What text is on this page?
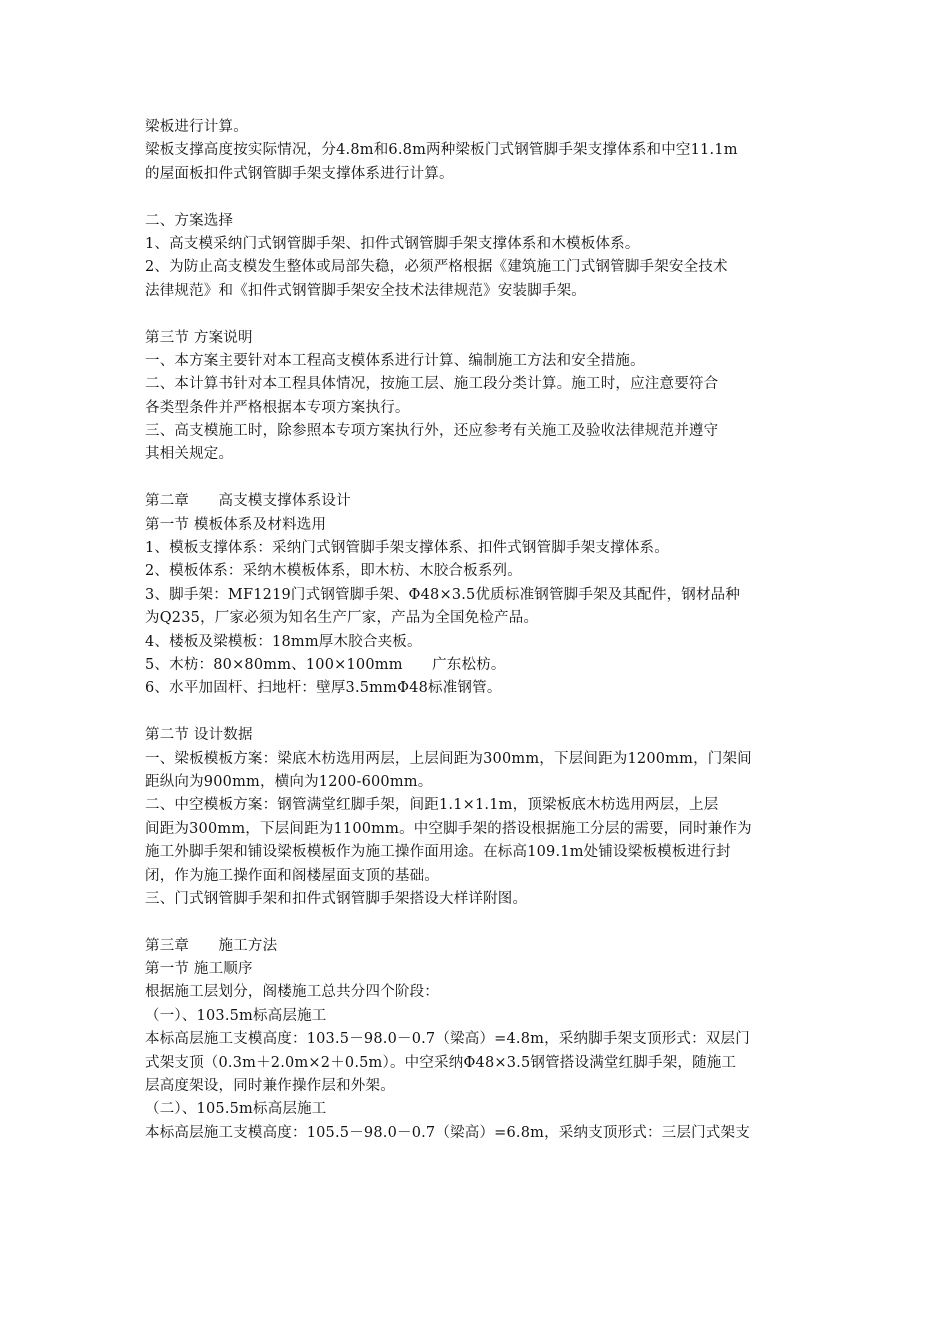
梁板进行计算。
梁板支撑高度按实际情况，分4.8m和6.8m两种梁板门式钢管脚手架支撑体系和中空11.1m
的屋面板扣件式钢管脚手架支撑体系进行计算。
二、方案选择
1、高支模采纳门式钢管脚手架、扣件式钢管脚手架支撑体系和木模板体系。
2、为防止高支模发生整体或局部失稳，必须严格根据《建筑施工门式钢管脚手架安全技术
法律规范》和《扣件式钢管脚手架安全技术法律规范》安装脚手架。
第三节 方案说明
一、本方案主要针对本工程高支模体系进行计算、编制施工方法和安全措施。
二、本计算书针对本工程具体情况，按施工层、施工段分类计算。施工时，应注意要符合
各类型条件并严格根据本专项方案执行。
三、高支模施工时，除参照本专项方案执行外，还应参考有关施工及验收法律规范并遵守
其相关规定。
第二章　　高支模支撑体系设计
第一节 模板体系及材料选用
1、模板支撑体系：采纳门式钢管脚手架支撑体系、扣件式钢管脚手架支撑体系。
2、模板体系：采纳木模板体系，即木枋、木胶合板系列。
3、脚手架：MF1219门式钢管脚手架、Φ48×3.5优质标准钢管脚手架及其配件，钢材品种
为Q235，厂家必须为知名生产厂家，产品为全国免检产品。
4、楼板及梁模板：18mm厚木胶合夹板。
5、木枋：80×80mm、100×100mm　　广东松枋。
6、水平加固杆、扫地杆：壁厚3.5mmΦ48标准钢管。
第二节 设计数据
一、梁板模板方案：梁底木枋选用两层，上层间距为300mm，下层间距为1200mm，门架间
距纵向为900mm，横向为1200-600mm。
二、中空模板方案：钢管满堂红脚手架，间距1.1×1.1m，顶梁板底木枋选用两层，上层
间距为300mm，下层间距为1100mm。中空脚手架的搭设根据施工分层的需要，同时兼作为
施工外脚手架和铺设梁板模板作为施工操作面用途。在标高109.1m处铺设梁板模板进行封
闭，作为施工操作面和阁楼屋面支顶的基础。
三、门式钢管脚手架和扣件式钢管脚手架搭设大样详附图。
第三章　　施工方法
第一节 施工顺序
根据施工层划分，阁楼施工总共分四个阶段：
（一）、103.5m标高层施工
本标高层施工支模高度：103.5－98.0－0.7（梁高）=4.8m，采纳脚手架支顶形式：双层门
式架支顶（0.3m＋2.0m×2＋0.5m）。中空采纳Φ48×3.5钢管搭设满堂红脚手架，随施工
层高度架设，同时兼作操作层和外架。
（二）、105.5m标高层施工
本标高层施工支模高度：105.5－98.0－0.7（梁高）=6.8m，采纳支顶形式：三层门式架支
